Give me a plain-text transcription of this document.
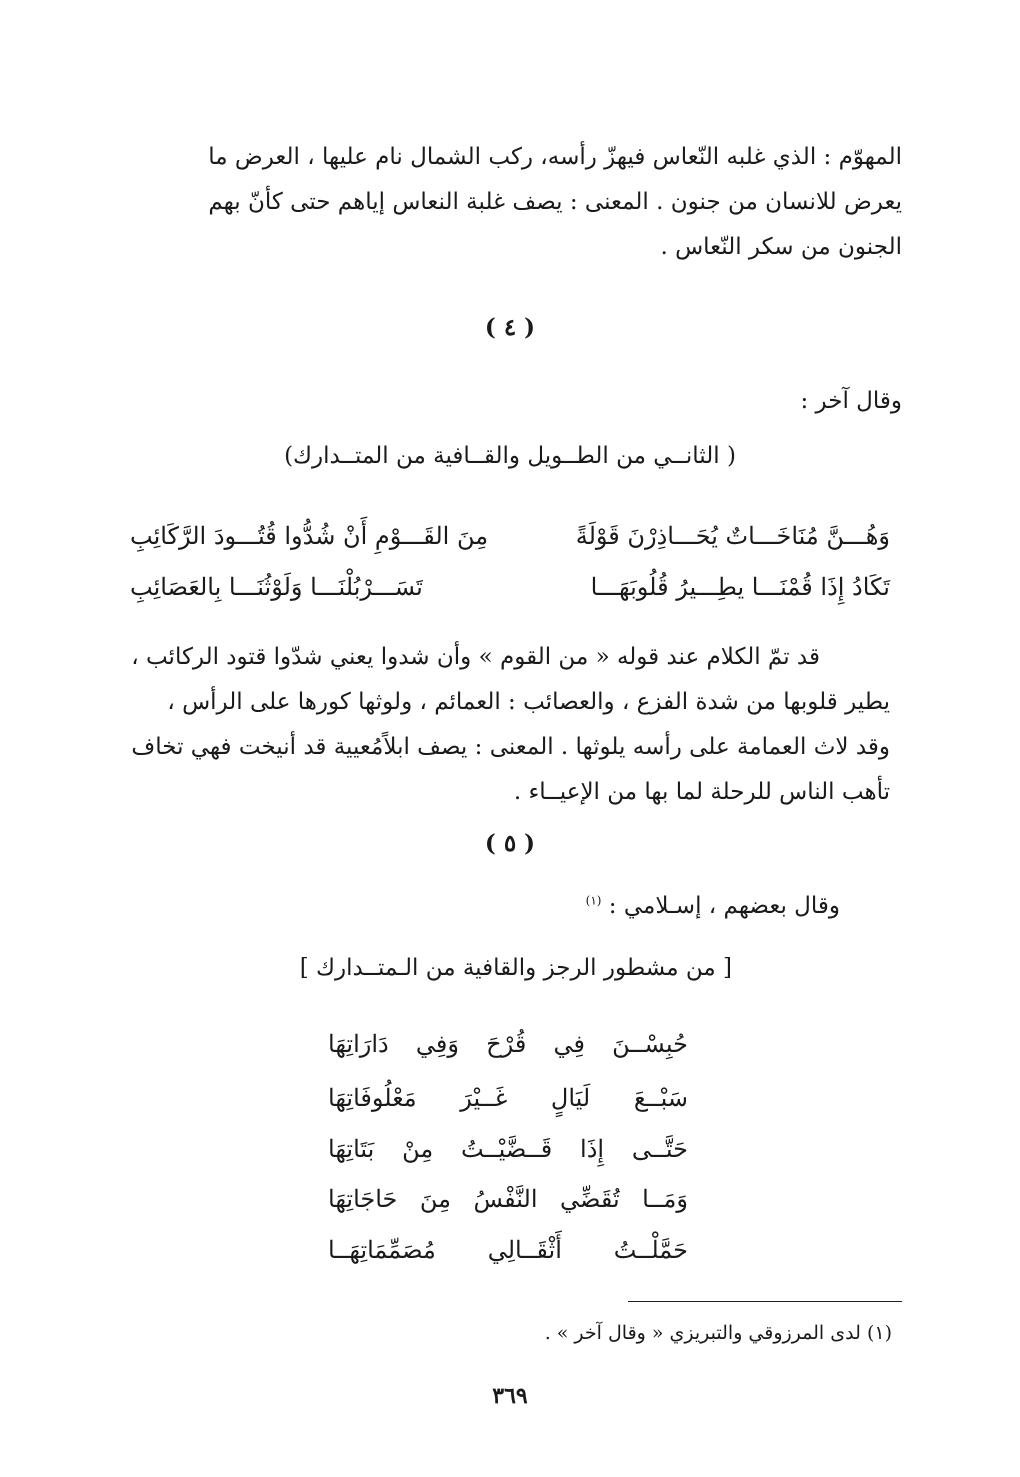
المهوّم : الذي غلبه النّعاس فيهزّ رأسه، ركب الشمال نام عليها ، العرض ما
يعرض للانسان من جنون . المعنى : يصف غلبة النعاس إياهم حتى كأنّ بهم
الجنون من سكر النّعاس .
( ٤ )
وقال آخر :
( الثانــي من الطــويل والقــافية من المتــدارك)
وَهُـــنَّ مُنَاخَـــاتٌ يُحَـــاذِرْنَ قَوْلَةً
مِنَ القَـــوْمِ أَنْ شُدُّوا قُتُـــودَ الرَّكَائِبِ
تَكَادُ إِذَا قُمْنَـــا يطِـــيرُ قُلُوبَهَـــا
تَسَـــرْبُلْنَـــا وَلَوْثُنَـــا بِالعَصَائِبِ
قد تمّ الكلام عند قوله « من القوم » وأن شدوا يعني شدّوا قتود الركائب ،
يطير قلوبها من شدة الفزع ، والعصائب : العمائم ، ولوثها كورها على الرأس ،
وقد لاث العمامة على رأسه يلوثها . المعنى : يصف ابلاًمُعيية قد أنيخت فهي تخاف
تأهب الناس للرحلة لما بها من الإعيــاء .
( ٥ )
وقال بعضهم ، إسـلامي : $^{(١)}$
[ من مشطور الرجز والقافية من الـمتــدارك ]
حُبِسْــنَ
فِي
قُرْحَ
وَفِي
دَارَاتِهَا
سَبْــعَ
لَيَالٍ
غَــيْرَ
مَعْلُوفَاتِهَا
حَتَّــى
إِذَا
قَــضَّيْــتُ
مِنْ
بَتَاتِهَا
وَمَــا
تُقَضِّي
النَّفْسُ
مِنَ
حَاجَاتِهَا
حَمَّلْــتُ
أَثْقَــالِي
مُصَمِّمَاتِهَــا
(١) لدى المرزوقي والتبريزي « وقال آخر » .
٣٦٩
